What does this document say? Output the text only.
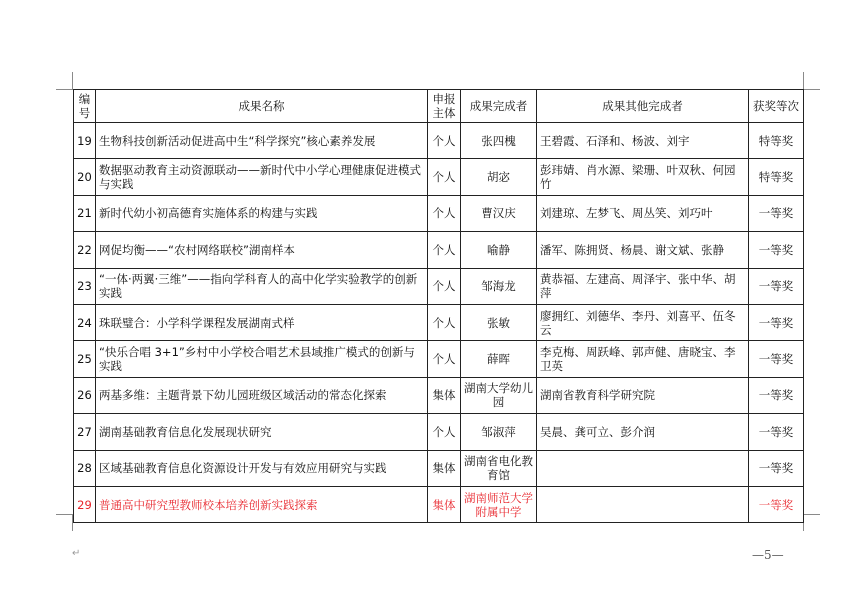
编号	成果名称	申报主体	成果完成者	成果其他完成者	获奖等次
19	生物科技创新活动促进高中生“科学探究”核心素养发展	个人	张四槐	王碧霞、石泽和、杨波、刘宇	特等奖
20	数据驱动教育主动资源联动——新时代中小学心理健康促进模式与实践	个人	胡宓	彭玮婧、肖水源、梁珊、叶双秋、何园竹	特等奖
21	新时代幼小初高德育实施体系的构建与实践	个人	曹汉庆	刘建琼、左梦飞、周丛笑、刘巧叶	一等奖
22	网促均衡——“农村网络联校”湖南样本	个人	喻静	潘军、陈拥贤、杨晨、谢文斌、张静	一等奖
23	“一体·两翼·三维”——指向学科育人的高中化学实验教学的创新实践	个人	邹海龙	黄恭福、左建高、周泽宇、张中华、胡萍	一等奖
24	珠联璧合：小学科学课程发展湖南式样	个人	张敏	廖拥红、刘德华、李丹、刘喜平、伍冬云	一等奖
25	“快乐合唱 3+1”乡村中小学校合唱艺术县域推广模式的创新与实践	个人	薛晖	李克梅、周跃峰、郭声健、唐晓宝、李卫英	一等奖
26	两基多维：主题背景下幼儿园班级区域活动的常态化探索	集体	湖南大学幼儿园	湖南省教育科学研究院	一等奖
27	湖南基础教育信息化发展现状研究	个人	邹淑萍	吴晨、龚可立、彭介润	一等奖
28	区域基础教育信息化资源设计开发与有效应用研究与实践	集体	湖南省电化教育馆		一等奖
29	普通高中研究型教师校本培养创新实践探索	集体	湖南师范大学附属中学		一等奖
↵	—5—
